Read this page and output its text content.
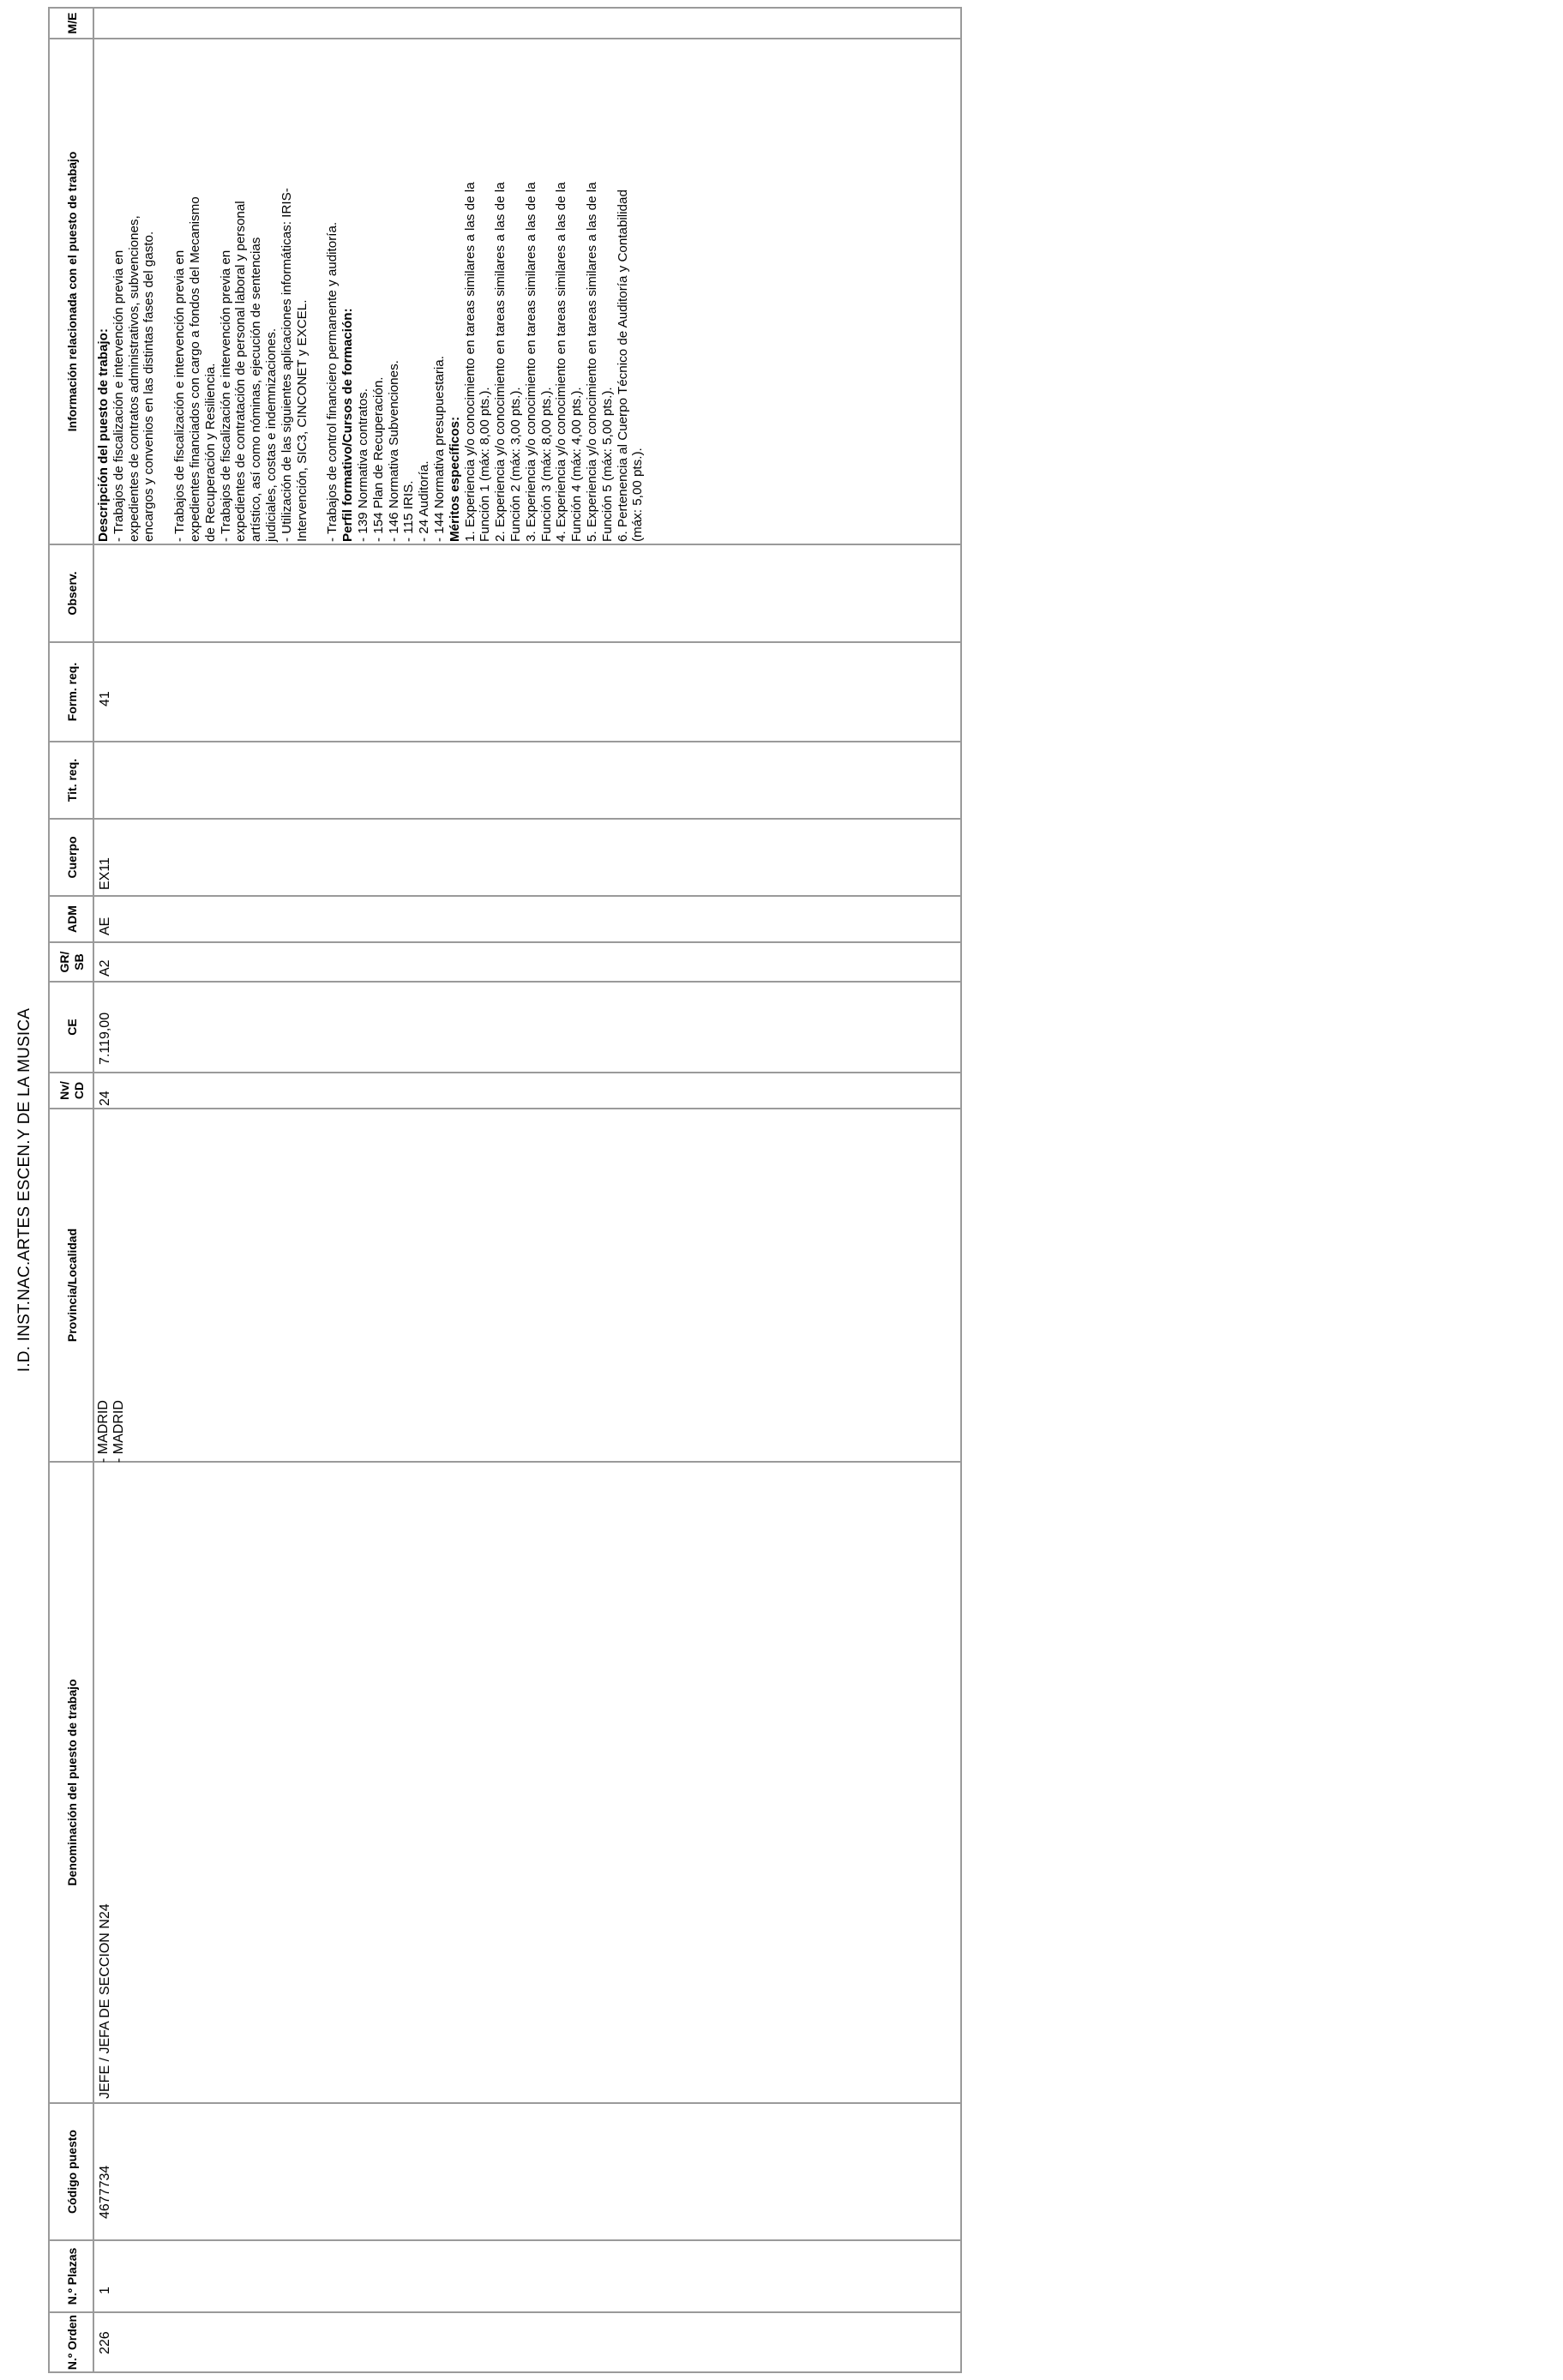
I.D. INST.NAC.ARTES ESCEN.Y DE LA MUSICA
N.º Orden
N.º Plazas
Código puesto
Denominación del puesto de trabajo
Provincia/Localidad
Nv/ CD
CE
GR/ SB
ADM
Cuerpo
Tit. req.
Form. req.
Observ.
Información relacionada con el puesto de trabajo
M/E
226
1
4677734
JEFE / JEFA DE SECCION N24
- MADRID - MADRID
24
7.119,00
A2
AE
EX11
41
Descripción del puesto de trabajo: - Trabajos de fiscalización e intervención previa en expedientes de contratos administrativos, subvenciones, encargos y convenios en las distintas fases del gasto. - Trabajos de fiscalización e intervención previa en expedientes financiados con cargo a fondos del Mecanismo de Recuperación y Resiliencia. - Trabajos de fiscalización e intervención previa en expedientes de contratación de personal laboral y personal artístico, así como nóminas, ejecución de sentencias judiciales, costas e indemnizaciones. - Utilización de las siguientes aplicaciones informáticas: IRIS- Intervención, SIC3, CINCONET y EXCEL. - Trabajos de control financiero permanente y auditoría. Perfil formativo/Cursos de formación: - 139 Normativa contratos. - 154 Plan de Recuperación. - 146 Normativa Subvenciones. - 115 IRIS. - 24 Auditoría. - 144 Normativa presupuestaria. Méritos específicos: 1. Experiencia y/o conocimiento en tareas similares a las de la Función 1 (máx: 8,00 pts.). 2. Experiencia y/o conocimiento en tareas similares a las de la Función 2 (máx: 3,00 pts.). 3. Experiencia y/o conocimiento en tareas similares a las de la Función 3 (máx: 8,00 pts.). 4. Experiencia y/o conocimiento en tareas similares a las de la Función 4 (máx: 4,00 pts.). 5. Experiencia y/o conocimiento en tareas similares a las de la Función 5 (máx: 5,00 pts.). 6. Pertenencia al Cuerpo Técnico de Auditoría y Contabilidad (máx: 5,00 pts.).
